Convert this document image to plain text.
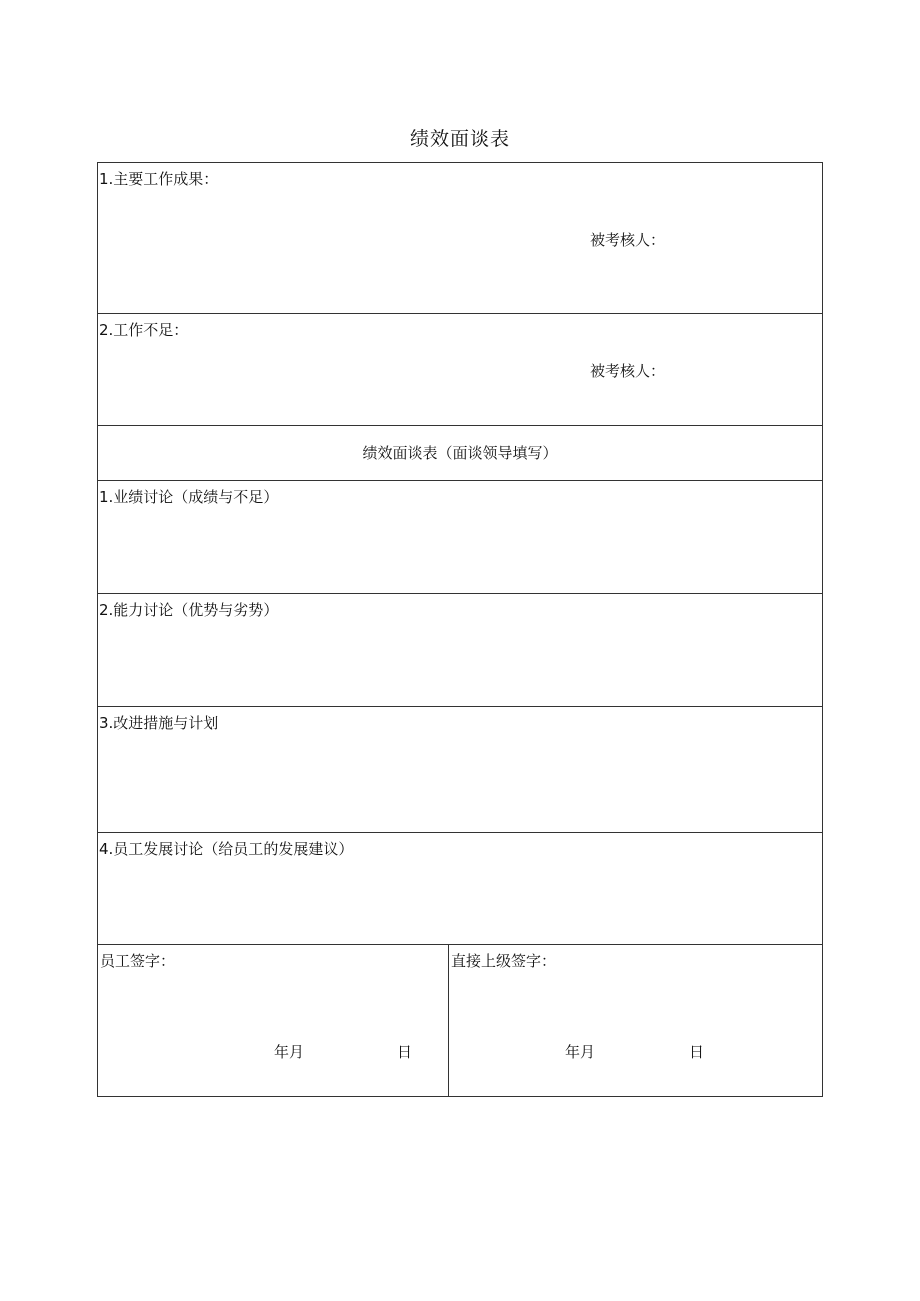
绩效面谈表
1.主要工作成果：
被考核人：
2.工作不足：
被考核人：
绩效面谈表（面谈领导填写）
1.业绩讨论（成绩与不足）
2.能力讨论（优势与劣势）
3.改进措施与计划
4.员工发展讨论（给员工的发展建议）
员工签字：
年月	日
直接上级签字：
年月	日
